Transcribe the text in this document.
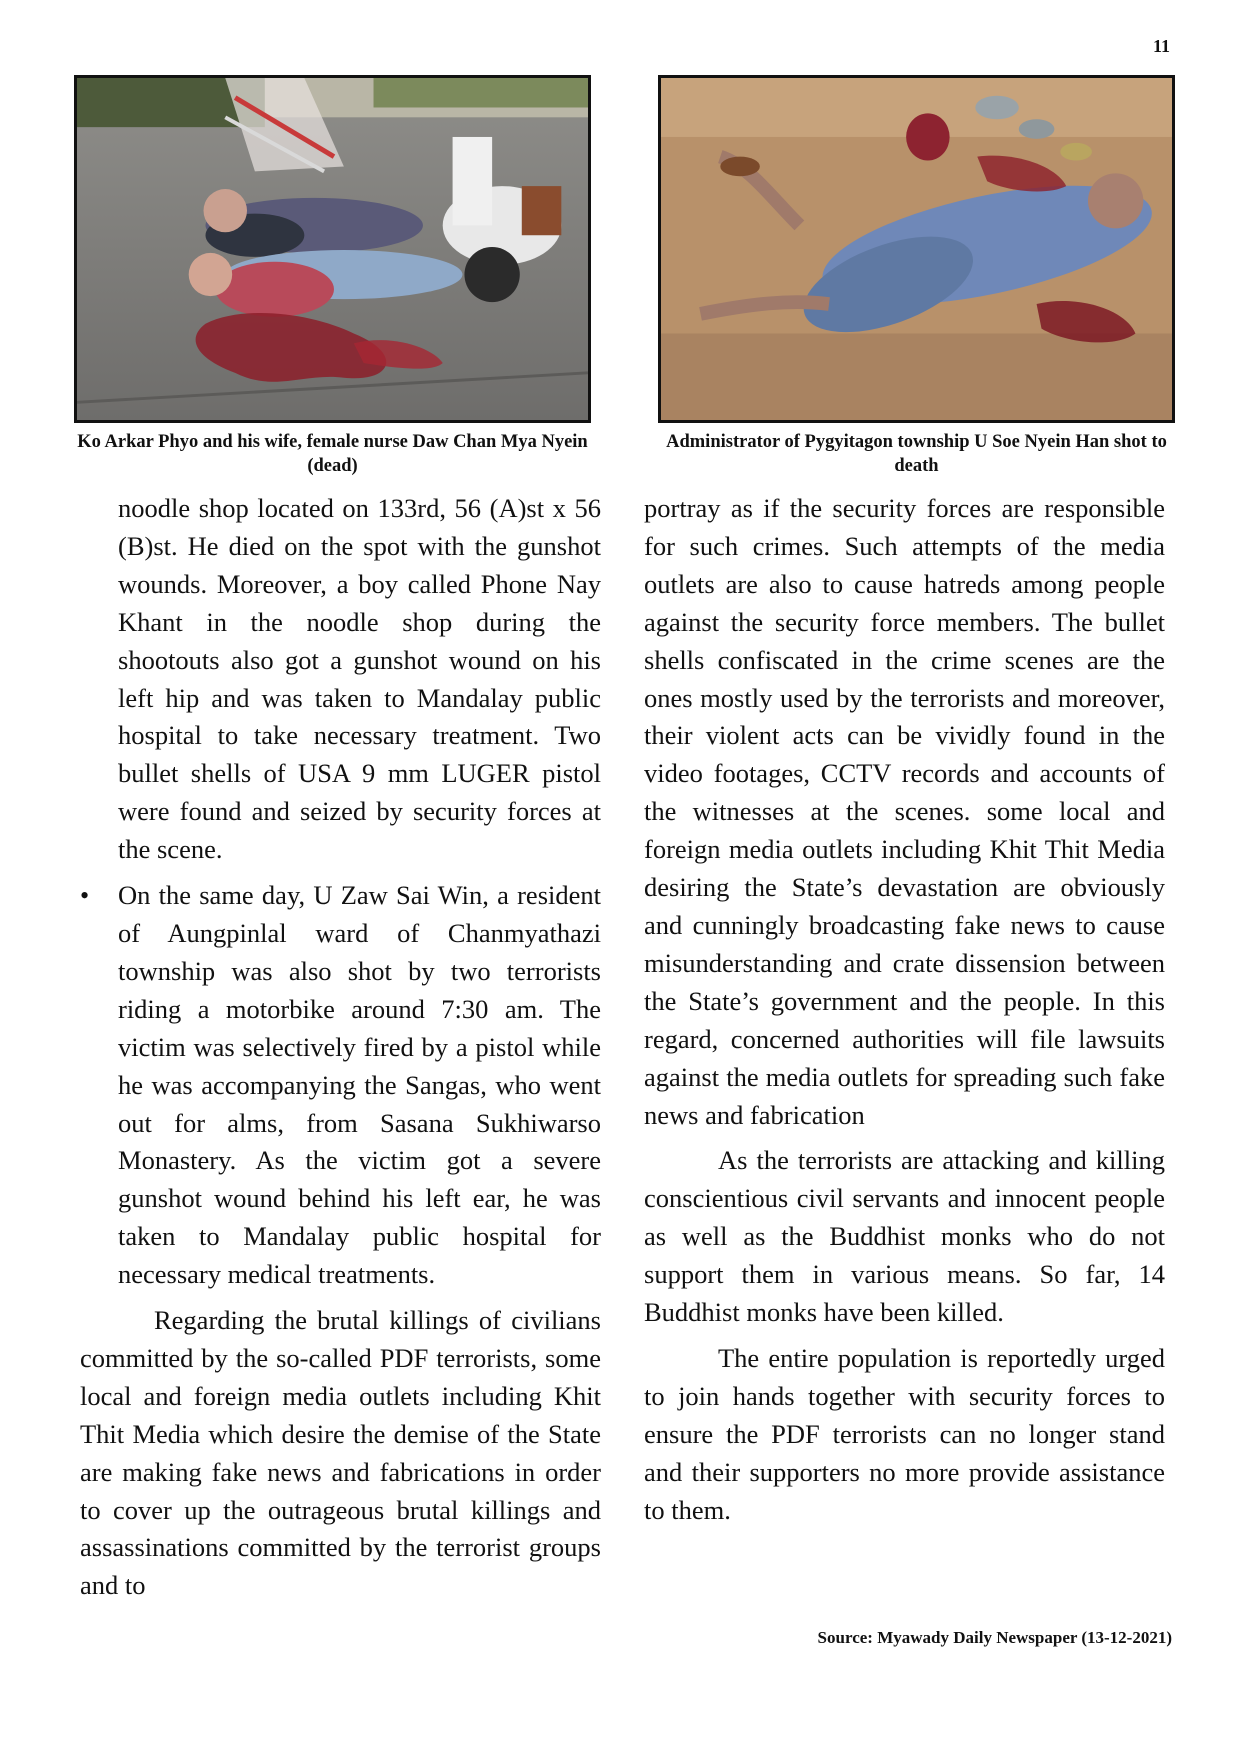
11
Ko Arkar Phyo and his wife, female nurse Daw Chan Mya Nyein (dead)
Administrator of Pygyitagon township U Soe Nyein Han shot to death

noodle shop located on 133rd, 56 (A)st x 56 (B)st. He died on the spot with the gunshot wounds. Moreover, a boy called Phone Nay Khant in the noodle shop during the shootouts also got a gunshot wound on his left hip and was taken to Mandalay public hospital to take necessary treatment. Two bullet shells of USA 9 mm LUGER pistol were found and seized by security forces at the scene.

•	On the same day, U Zaw Sai Win, a resident of Aungpinlal ward of Chanmyathazi township was also shot by two terrorists riding a motorbike around 7:30 am. The victim was selectively fired by a pistol while he was accompanying the Sangas, who went out for alms, from Sasana Sukhiwarso Monastery. As the victim got a severe gunshot wound behind his left ear, he was taken to Mandalay public hospital for necessary medical treatments.

Regarding the brutal killings of civilians committed by the so-called PDF terrorists, some local and foreign media outlets including Khit Thit Media which desire the demise of the State are making fake news and fabrications in order to cover up the outrageous brutal killings and assassinations committed by the terrorist groups and to

portray as if the security forces are responsible for such crimes. Such attempts of the media outlets are also to cause hatreds among people against the security force members. The bullet shells confiscated in the crime scenes are the ones mostly used by the terrorists and moreover, their violent acts can be vividly found in the video footages, CCTV records and accounts of the witnesses at the scenes. some local and foreign media outlets including Khit Thit Media desiring the State’s devastation are obviously and cunningly broadcasting fake news to cause misunderstanding and crate dissension between the State’s government and the people. In this regard, concerned authorities will file lawsuits against the media outlets for spreading such fake news and fabrication

As the terrorists are attacking and killing conscientious civil servants and innocent people as well as the Buddhist monks who do not support them in various means. So far, 14 Buddhist monks have been killed.

The entire population is reportedly urged to join hands together with security forces to ensure the PDF terrorists can no longer stand and their supporters no more provide assistance to them.

Source: Myawady Daily Newspaper (13-12-2021)
